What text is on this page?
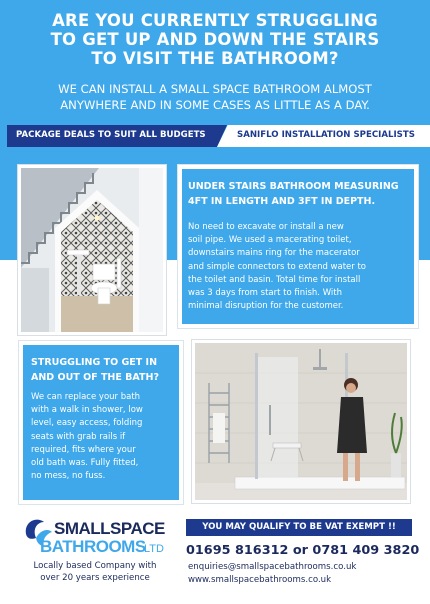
ARE YOU CURRENTLY STRUGGLING
TO GET UP AND DOWN THE STAIRS
TO VISIT THE BATHROOM?
WE CAN INSTALL A SMALL SPACE BATHROOM ALMOST
ANYWHERE AND IN SOME CASES AS LITTLE AS A DAY.
PACKAGE DEALS TO SUIT ALL BUDGETS	SANIFLO INSTALLATION SPECIALISTS
UNDER STAIRS BATHROOM MEASURING
4FT IN LENGTH AND 3FT IN DEPTH.
No need to excavate or install a new
soil pipe. We used a macerating toilet,
downstairs mains ring for the macerator
and simple connectors to extend water to
the toilet and basin. Total time for install
was 3 days from start to finish. With
minimal disruption for the customer.
STRUGGLING TO GET IN
AND OUT OF THE BATH?
We can replace your bath
with a walk in shower, low
level, easy access, folding
seats with grab rails if
required, fits where your
old bath was. Fully fitted,
no mess, no fuss.
SMALLSPACE
BATHROOMS
LTD
Locally based Company with
over 20 years experience
YOU MAY QUALIFY TO BE VAT EXEMPT !!
01695 816312 or 0781 409 3820
enquiries@smallspacebathrooms.co.uk
www.smallspacebathrooms.co.uk
